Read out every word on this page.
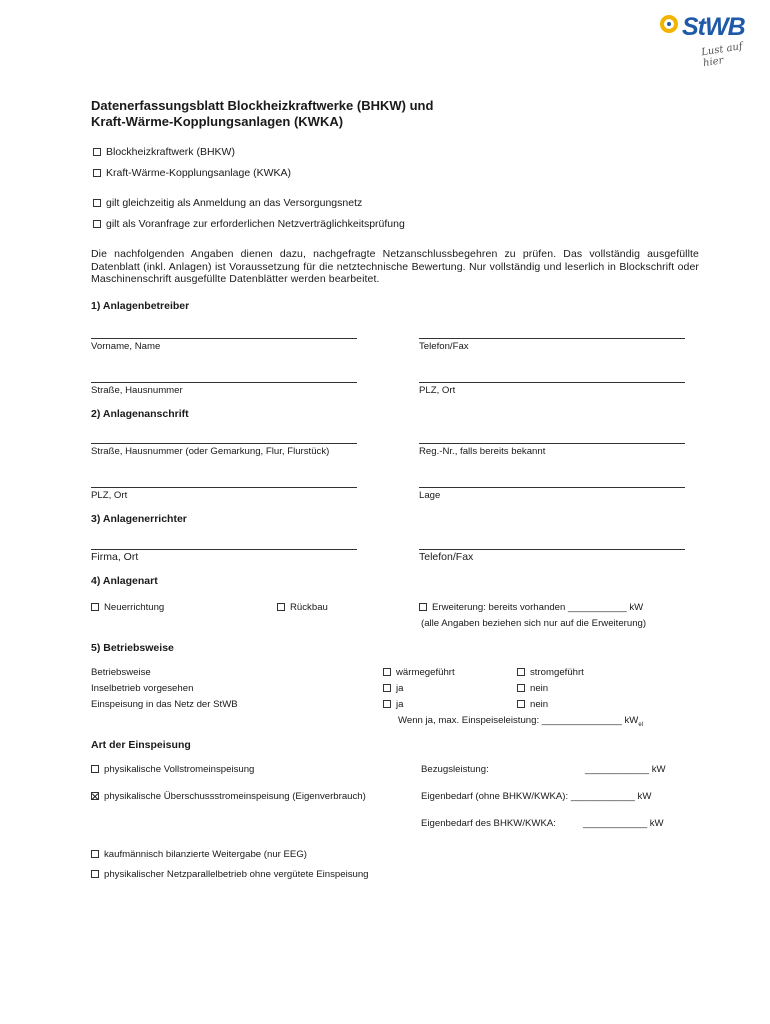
StWB
Lust auf hier
Datenerfassungsblatt Blockheizkraftwerke (BHKW) und
Kraft-Wärme-Kopplungsanlagen (KWKA)
Blockheizkraftwerk (BHKW)
Kraft-Wärme-Kopplungsanlage (KWKA)
gilt gleichzeitig als Anmeldung an das Versorgungsnetz
gilt als Voranfrage zur erforderlichen Netzverträglichkeitsprüfung
Die nachfolgenden Angaben dienen dazu, nachgefragte Netzanschlussbegehren zu prüfen. Das vollständig ausgefüllte Datenblatt (inkl. Anlagen) ist Voraussetzung für die netztechnische Bewertung. Nur vollständig und leserlich in Blockschrift oder Maschinenschrift ausgefüllte Datenblätter werden bearbeitet.
1) Anlagenbetreiber
Vorname, Name	Telefon/Fax
Straße, Hausnummer	PLZ, Ort
2) Anlagenanschrift
Straße, Hausnummer (oder Gemarkung, Flur, Flurstück)	Reg.-Nr., falls bereits bekannt
PLZ, Ort	Lage
3) Anlagenerrichter
Firma, Ort	Telefon/Fax
4) Anlagenart
Neuerrichtung	Rückbau	Erweiterung: bereits vorhanden ___________ kW
(alle Angaben beziehen sich nur auf die Erweiterung)
5) Betriebsweise
Betriebsweise	wärmegeführt	stromgeführt
Inselbetrieb vorgesehen	ja	nein
Einspeisung in das Netz der StWB	ja	nein
Wenn ja, max. Einspeiseleistung: _______________ $kW_{el}$
Art der Einspeisung
physikalische Vollstromeinspeisung	Bezugsleistung:	____________ kW
physikalische Überschussstromeinspeisung (Eigenverbrauch)	Eigenbedarf (ohne BHKW/KWKA): ____________ kW
Eigenbedarf des BHKW/KWKA:	____________ kW
kaufmännisch bilanzierte Weitergabe (nur EEG)
physikalischer Netzparallelbetrieb ohne vergütete Einspeisung
